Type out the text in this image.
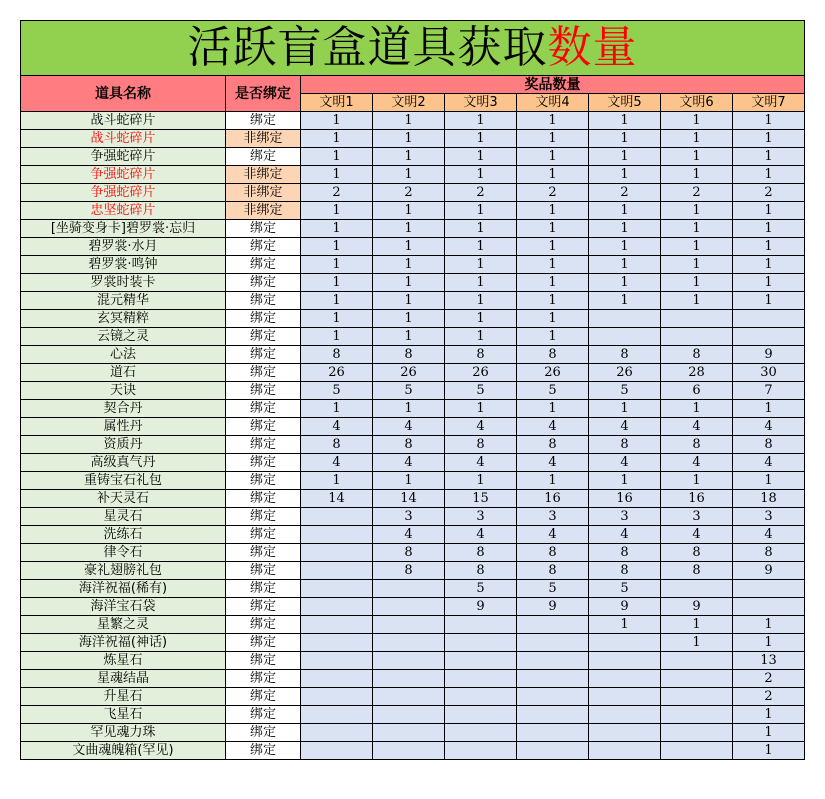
活跃盲盒道具获取数量								
道具名称	是否绑定	奖品数量						
		文明1	文明2	文明3	文明4	文明5	文明6	文明7
战斗蛇碎片	绑定	1	1	1	1	1	1	1
战斗蛇碎片	非绑定	1	1	1	1	1	1	1
争强蛇碎片	绑定	1	1	1	1	1	1	1
争强蛇碎片	非绑定	1	1	1	1	1	1	1
争强蛇碎片	非绑定	2	2	2	2	2	2	2
忠坚蛇碎片	非绑定	1	1	1	1	1	1	1
[坐骑变身卡]碧罗裳·忘归	绑定	1	1	1	1	1	1	1
碧罗裳·水月	绑定	1	1	1	1	1	1	1
碧罗裳·鸣钟	绑定	1	1	1	1	1	1	1
罗裳时装卡	绑定	1	1	1	1	1	1	1
混元精华	绑定	1	1	1	1	1	1	1
玄冥精粹	绑定	1	1	1	1			
云镜之灵	绑定	1	1	1	1			
心法	绑定	8	8	8	8	8	8	9
道石	绑定	26	26	26	26	26	28	30
天诀	绑定	5	5	5	5	5	6	7
契合丹	绑定	1	1	1	1	1	1	1
属性丹	绑定	4	4	4	4	4	4	4
资质丹	绑定	8	8	8	8	8	8	8
高级真气丹	绑定	4	4	4	4	4	4	4
重铸宝石礼包	绑定	1	1	1	1	1	1	1
补天灵石	绑定	14	14	15	16	16	16	18
星灵石	绑定		3	3	3	3	3	3
洗练石	绑定		4	4	4	4	4	4
律令石	绑定		8	8	8	8	8	8
豪礼翅膀礼包	绑定		8	8	8	8	8	9
海洋祝福(稀有)	绑定			5	5	5		
海洋宝石袋	绑定			9	9	9	9	
星繁之灵	绑定					1	1	1
海洋祝福(神话)	绑定						1	1
炼星石	绑定							13
星魂结晶	绑定							2
升星石	绑定							2
飞星石	绑定							1
罕见魂力珠	绑定							1
文曲魂魄箱(罕见)	绑定							1
